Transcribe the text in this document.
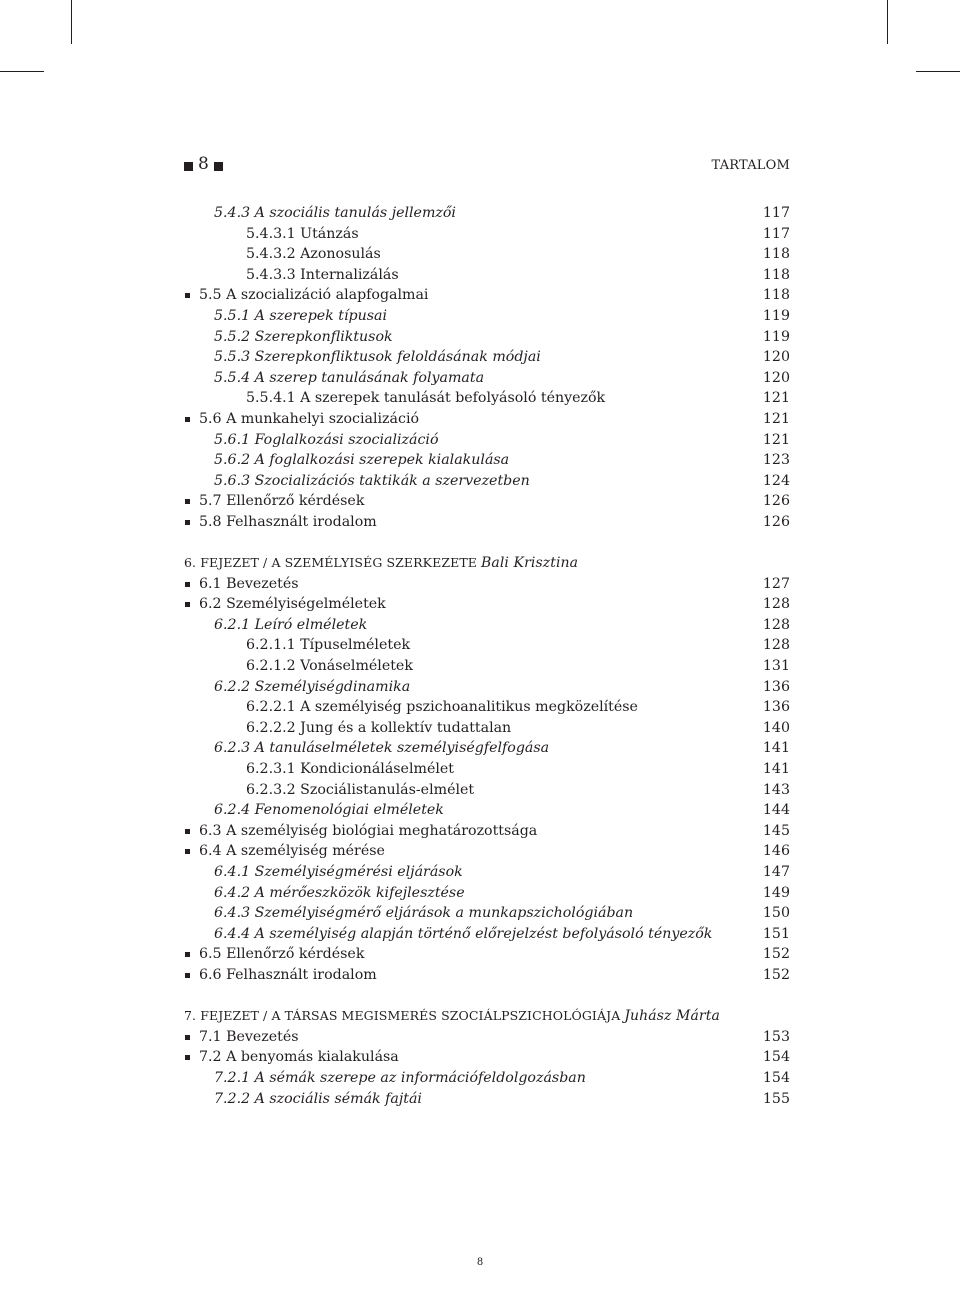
8	TARTALOM
5.4.3 A szociális tanulás jellemzői	117
5.4.3.1 Utánzás	117
5.4.3.2 Azonosulás	118
5.4.3.3 Internalizálás	118
5.5 A szocializáció alapfogalmai	118
5.5.1 A szerepek típusai	119
5.5.2 Szerepkonfliktusok	119
5.5.3 Szerepkonfliktusok feloldásának módjai	120
5.5.4 A szerep tanulásának folyamata	120
5.5.4.1 A szerepek tanulását befolyásoló tényezők	121
5.6 A munkahelyi szocializáció	121
5.6.1 Foglalkozási szocializáció	121
5.6.2 A foglalkozási szerepek kialakulása	123
5.6.3 Szocializációs taktikák a szervezetben	124
5.7 Ellenőrző kérdések	126
5.8 Felhasznált irodalom	126
6. FEJEZET / A SZEMÉLYISÉG SZERKEZETE Bali Krisztina
6.1 Bevezetés	127
6.2 Személyiségelméletek	128
6.2.1 Leíró elméletek	128
6.2.1.1 Típuselméletek	128
6.2.1.2 Vonáselméletek	131
6.2.2 Személyiségdinamika	136
6.2.2.1 A személyiség pszichoanalitikus megközelítése	136
6.2.2.2 Jung és a kollektív tudattalan	140
6.2.3 A tanuláselméletek személyiségfelfogása	141
6.2.3.1 Kondicionáláselmélet	141
6.2.3.2 Szociálistanulás-elmélet	143
6.2.4 Fenomenológiai elméletek	144
6.3 A személyiség biológiai meghatározottsága	145
6.4 A személyiség mérése	146
6.4.1 Személyiségmérési eljárások	147
6.4.2 A mérőeszközök kifejlesztése	149
6.4.3 Személyiségmérő eljárások a munkapszichológiában	150
6.4.4 A személyiség alapján történő előrejelzést befolyásoló tényezők	151
6.5 Ellenőrző kérdések	152
6.6 Felhasznált irodalom	152
7. FEJEZET / A TÁRSAS MEGISMERÉS SZOCIÁLPSZICHOLÓGIÁJA Juhász Márta
7.1 Bevezetés	153
7.2 A benyomás kialakulása	154
7.2.1 A sémák szerepe az információfeldolgozásban	154
7.2.2 A szociális sémák fajtái	155
8
